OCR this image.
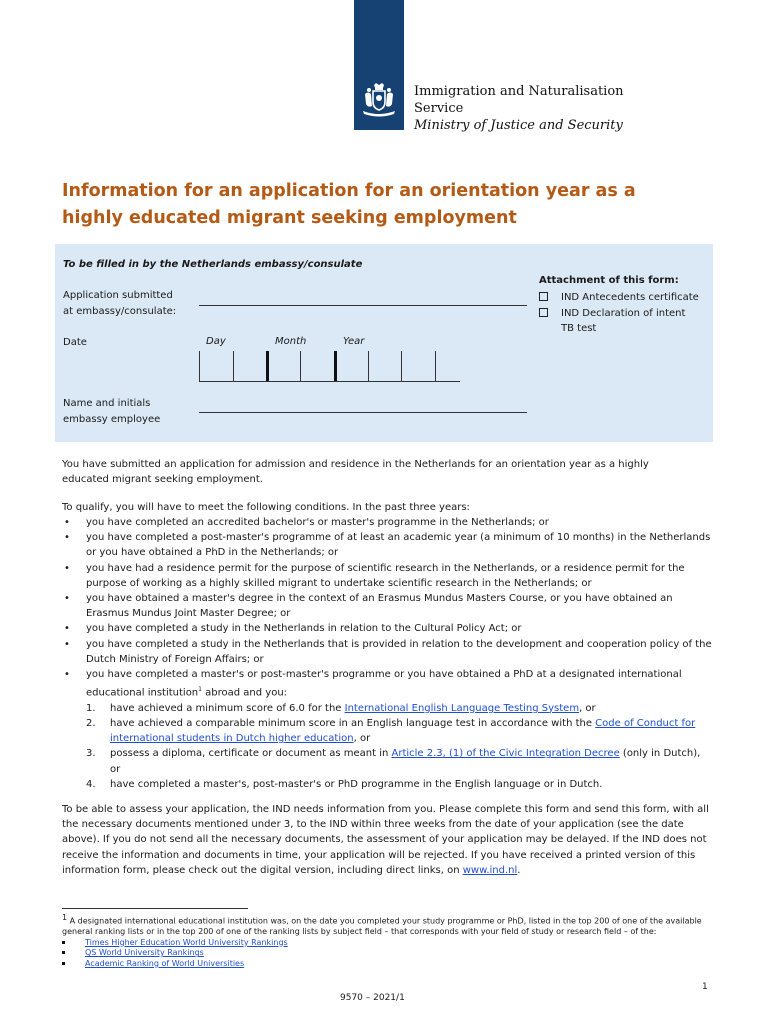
Immigration and Naturalisation
Service
Ministry of Justice and Security
Information for an application for an orientation year as a
highly educated migrant seeking employment
To be filled in by the Netherlands embassy/consulate
Application submitted
at embassy/consulate:
Date	Day	Month	Year
Name and initials
embassy employee
Attachment of this form:
IND Antecedents certificate
IND Declaration of intent
TB test
You have submitted an application for admission and residence in the Netherlands for an orientation year as a highly
educated migrant seeking employment.
To qualify, you will have to meet the following conditions. In the past three years:
• you have completed an accredited bachelor's or master's programme in the Netherlands; or
• you have completed a post-master's programme of at least an academic year (a minimum of 10 months) in the Netherlands or you have obtained a PhD in the Netherlands; or
• you have had a residence permit for the purpose of scientific research in the Netherlands, or a residence permit for the purpose of working as a highly skilled migrant to undertake scientific research in the Netherlands; or
• you have obtained a master's degree in the context of an Erasmus Mundus Masters Course, or you have obtained an Erasmus Mundus Joint Master Degree; or
• you have completed a study in the Netherlands in relation to the Cultural Policy Act; or
• you have completed a study in the Netherlands that is provided in relation to the development and cooperation policy of the Dutch Ministry of Foreign Affairs; or
• you have completed a master's or post-master's programme or you have obtained a PhD at a designated international educational institution$^1$ abroad and you:
1. have achieved a minimum score of 6.0 for the International English Language Testing System, or
2. have achieved a comparable minimum score in an English language test in accordance with the Code of Conduct for international students in Dutch higher education, or
3. possess a diploma, certificate or document as meant in Article 2.3, (1) of the Civic Integration Decree (only in Dutch), or
4. have completed a master's, post-master's or PhD programme in the English language or in Dutch.
To be able to assess your application, the IND needs information from you. Please complete this form and send this form, with all the necessary documents mentioned under 3, to the IND within three weeks from the date of your application (see the date above). If you do not send all the necessary documents, the assessment of your application may be delayed. If the IND does not receive the information and documents in time, your application will be rejected. If you have received a printed version of this information form, please check out the digital version, including direct links, on www.ind.nl.
$^1$ A designated international educational institution was, on the date you completed your study programme or PhD, listed in the top 200 of one of the available general ranking lists or in the top 200 of one of the ranking lists by subject field – that corresponds with your field of study or research field – of the:
Times Higher Education World University Rankings
QS World University Rankings
Academic Ranking of World Universities
1
9570 – 2021/1
